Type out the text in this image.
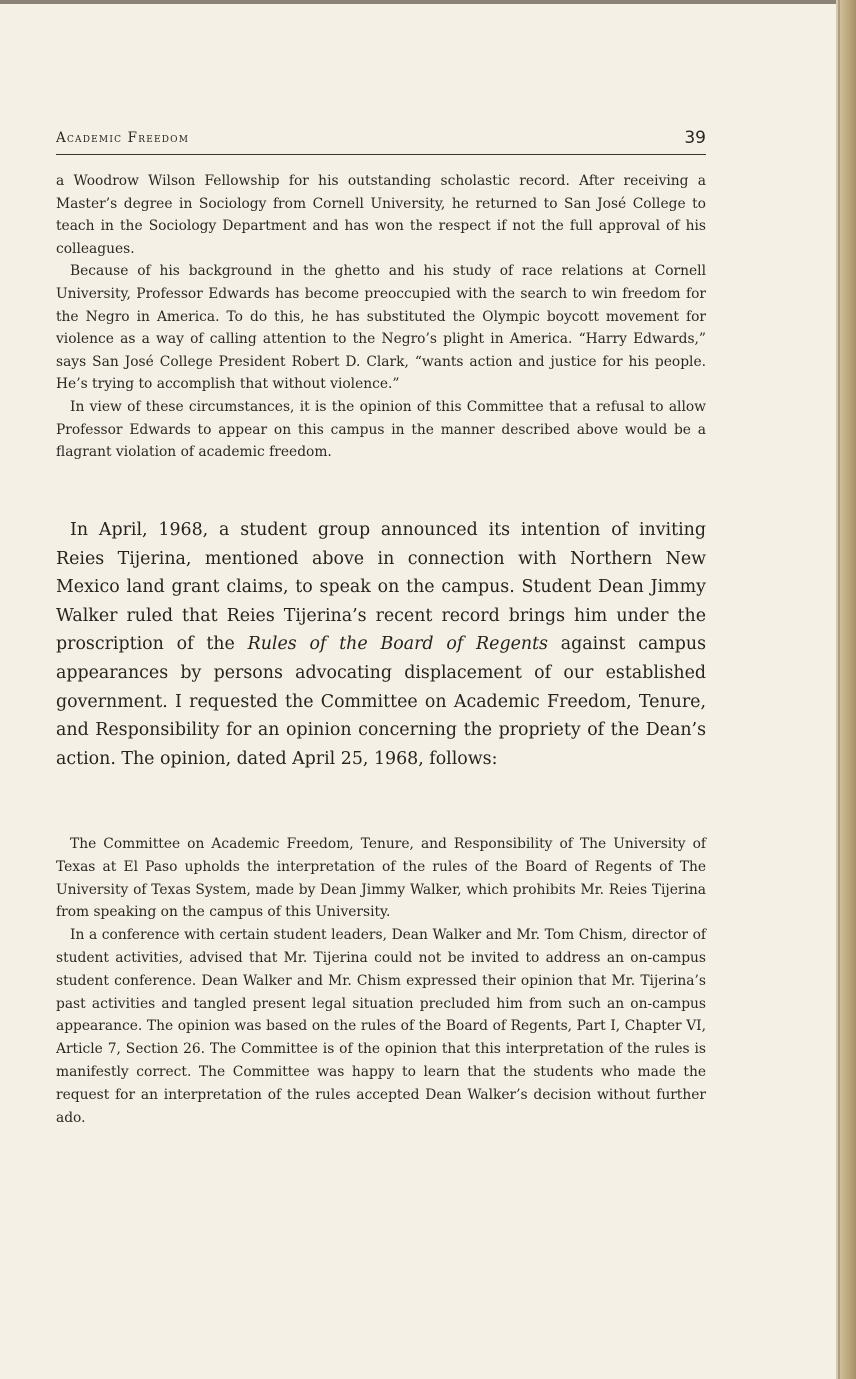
Academic Freedom	39

a Woodrow Wilson Fellowship for his outstanding scholastic record. After receiving a Master’s degree in Sociology from Cornell University, he returned to San José College to teach in the Sociology Department and has won the respect if not the full approval of his colleagues.

Because of his background in the ghetto and his study of race relations at Cornell University, Professor Edwards has become preoccupied with the search to win freedom for the Negro in America. To do this, he has substituted the Olympic boycott movement for violence as a way of calling attention to the Negro’s plight in America. “Harry Edwards,” says San José College President Robert D. Clark, “wants action and justice for his people. He’s trying to accomplish that without violence.”

In view of these circumstances, it is the opinion of this Committee that a refusal to allow Professor Edwards to appear on this campus in the manner described above would be a flagrant violation of academic freedom.

In April, 1968, a student group announced its intention of inviting Reies Tijerina, mentioned above in connection with Northern New Mexico land grant claims, to speak on the campus. Student Dean Jimmy Walker ruled that Reies Tijerina’s recent record brings him under the proscription of the Rules of the Board of Regents against campus appearances by persons advocating displacement of our established government. I requested the Committee on Academic Freedom, Tenure, and Responsibility for an opinion concerning the propriety of the Dean’s action. The opinion, dated April 25, 1968, follows:

The Committee on Academic Freedom, Tenure, and Responsibility of The University of Texas at El Paso upholds the interpretation of the rules of the Board of Regents of The University of Texas System, made by Dean Jimmy Walker, which prohibits Mr. Reies Tijerina from speaking on the campus of this University.

In a conference with certain student leaders, Dean Walker and Mr. Tom Chism, director of student activities, advised that Mr. Tijerina could not be invited to address an on-campus student conference. Dean Walker and Mr. Chism expressed their opinion that Mr. Tijerina’s past activities and tangled present legal situation precluded him from such an on-campus appearance. The opinion was based on the rules of the Board of Regents, Part I, Chapter VI, Article 7, Section 26. The Committee is of the opinion that this interpretation of the rules is manifestly correct. The Committee was happy to learn that the students who made the request for an interpretation of the rules accepted Dean Walker’s decision without further ado.
